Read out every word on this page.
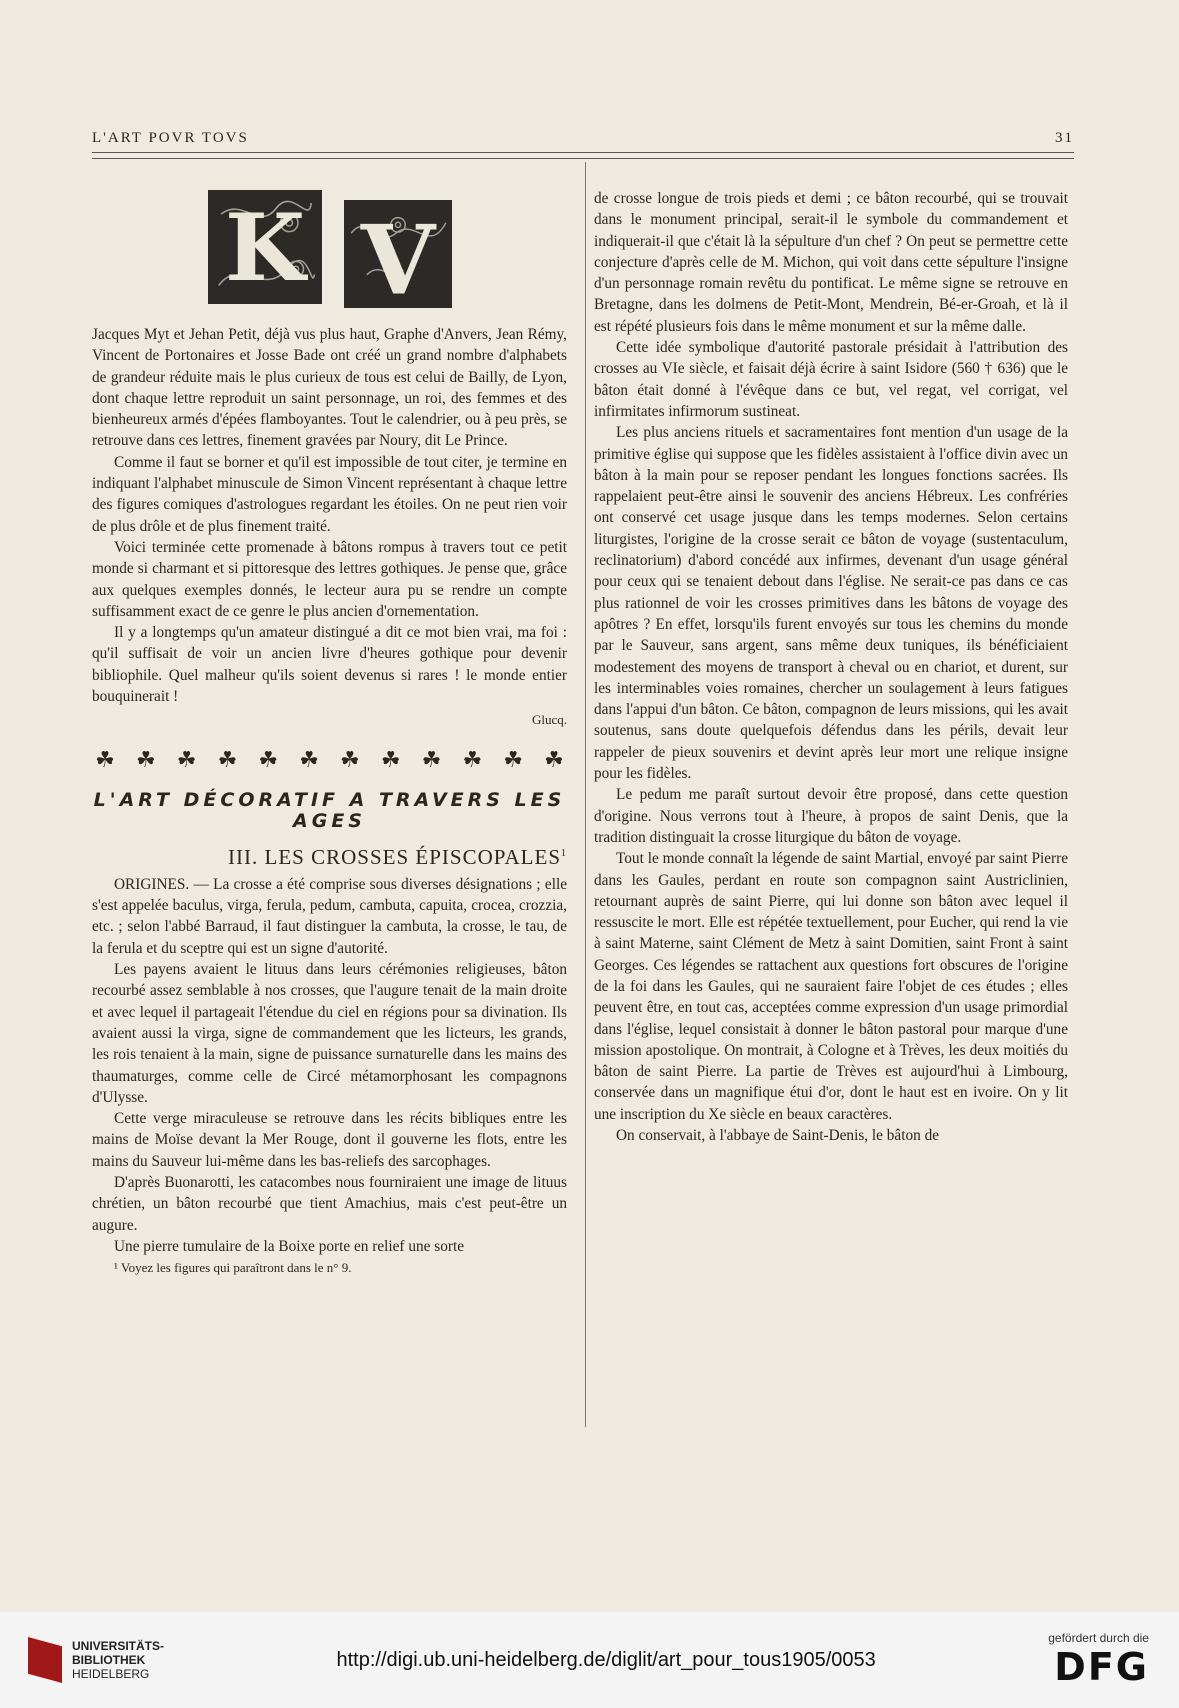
L'ART POVR TOVS	31
K V

Jacques Myt et Jehan Petit, déjà vus plus haut, Graphe d'Anvers, Jean Rémy, Vincent de Portonaires et Josse Bade ont créé un grand nombre d'alphabets de grandeur réduite mais le plus curieux de tous est celui de Bailly, de Lyon, dont chaque lettre reproduit un saint personnage, un roi, des femmes et des bienheureux armés d'épées flamboyantes. Tout le calendrier, ou à peu près, se retrouve dans ces lettres, finement gravées par Noury, dit Le Prince.

Comme il faut se borner et qu'il est impossible de tout citer, je termine en indiquant l'alphabet minuscule de Simon Vincent représentant à chaque lettre des figures comiques d'astrologues regardant les étoiles. On ne peut rien voir de plus drôle et de plus finement traité.

Voici terminée cette promenade à bâtons rompus à travers tout ce petit monde si charmant et si pittoresque des lettres gothiques. Je pense que, grâce aux quelques exemples donnés, le lecteur aura pu se rendre un compte suffisamment exact de ce genre le plus ancien d'ornementation.

Il y a longtemps qu'un amateur distingué a dit ce mot bien vrai, ma foi : qu'il suffisait de voir un ancien livre d'heures gothique pour devenir bibliophile. Quel malheur qu'ils soient devenus si rares ! le monde entier bouquinerait !

Glucq.
☘ ☘ ☘ ☘ ☘ ☘ ☘ ☘ ☘ ☘ ☘ ☘
L'ART DÉCORATIF A TRAVERS LES AGES
III. LES CROSSES ÉPISCOPALES$^1$

ORIGINES. — La crosse a été comprise sous diverses désignations ; elle s'est appelée baculus, virga, ferula, pedum, cambuta, capuita, crocea, crozzia, etc. ; selon l'abbé Barraud, il faut distinguer la cambuta, la crosse, le tau, de la ferula et du sceptre qui est un signe d'autorité.

Les payens avaient le lituus dans leurs cérémonies religieuses, bâton recourbé assez semblable à nos crosses, que l'augure tenait de la main droite et avec lequel il partageait l'étendue du ciel en régions pour sa divination. Ils avaient aussi la virga, signe de commandement que les licteurs, les grands, les rois tenaient à la main, signe de puissance surnaturelle dans les mains des thaumaturges, comme celle de Circé métamorphosant les compagnons d'Ulysse.

Cette verge miraculeuse se retrouve dans les récits bibliques entre les mains de Moïse devant la Mer Rouge, dont il gouverne les flots, entre les mains du Sauveur lui-même dans les bas-reliefs des sarcophages.

D'après Buonarotti, les catacombes nous fourniraient une image de lituus chrétien, un bâton recourbé que tient Amachius, mais c'est peut-être un augure.

Une pierre tumulaire de la Boixe porte en relief une sorte

¹ Voyez les figures qui paraîtront dans le n° 9.

de crosse longue de trois pieds et demi ; ce bâton recourbé, qui se trouvait dans le monument principal, serait-il le symbole du commandement et indiquerait-il que c'était là la sépulture d'un chef ? On peut se permettre cette conjecture d'après celle de M. Michon, qui voit dans cette sépulture l'insigne d'un personnage romain revêtu du pontificat. Le même signe se retrouve en Bretagne, dans les dolmens de Petit-Mont, Mendrein, Bé-er-Groah, et là il est répété plusieurs fois dans le même monument et sur la même dalle.

Cette idée symbolique d'autorité pastorale présidait à l'attribution des crosses au VIe siècle, et faisait déjà écrire à saint Isidore (560 † 636) que le bâton était donné à l'évêque dans ce but, vel regat, vel corrigat, vel infirmitates infirmorum sustineat.

Les plus anciens rituels et sacramentaires font mention d'un usage de la primitive église qui suppose que les fidèles assistaient à l'office divin avec un bâton à la main pour se reposer pendant les longues fonctions sacrées. Ils rappelaient peut-être ainsi le souvenir des anciens Hébreux. Les confréries ont conservé cet usage jusque dans les temps modernes. Selon certains liturgistes, l'origine de la crosse serait ce bâton de voyage (sustentaculum, reclinatorium) d'abord concédé aux infirmes, devenant d'un usage général pour ceux qui se tenaient debout dans l'église. Ne serait-ce pas dans ce cas plus rationnel de voir les crosses primitives dans les bâtons de voyage des apôtres ? En effet, lorsqu'ils furent envoyés sur tous les chemins du monde par le Sauveur, sans argent, sans même deux tuniques, ils bénéficiaient modestement des moyens de transport à cheval ou en chariot, et durent, sur les interminables voies romaines, chercher un soulagement à leurs fatigues dans l'appui d'un bâton. Ce bâton, compagnon de leurs missions, qui les avait soutenus, sans doute quelquefois défendus dans les périls, devait leur rappeler de pieux souvenirs et devint après leur mort une relique insigne pour les fidèles.

Le pedum me paraît surtout devoir être proposé, dans cette question d'origine. Nous verrons tout à l'heure, à propos de saint Denis, que la tradition distinguait la crosse liturgique du bâton de voyage.

Tout le monde connaît la légende de saint Martial, envoyé par saint Pierre dans les Gaules, perdant en route son compagnon saint Austriclinien, retournant auprès de saint Pierre, qui lui donne son bâton avec lequel il ressuscite le mort. Elle est répétée textuellement, pour Eucher, qui rend la vie à saint Materne, saint Clément de Metz à saint Domitien, saint Front à saint Georges. Ces légendes se rattachent aux questions fort obscures de l'origine de la foi dans les Gaules, qui ne sauraient faire l'objet de ces études ; elles peuvent être, en tout cas, acceptées comme expression d'un usage primordial dans l'église, lequel consistait à donner le bâton pastoral pour marque d'une mission apostolique. On montrait, à Cologne et à Trèves, les deux moitiés du bâton de saint Pierre. La partie de Trèves est aujourd'hui à Limbourg, conservée dans un magnifique étui d'or, dont le haut est en ivoire. On y lit une inscription du Xe siècle en beaux caractères.

On conservait, à l'abbaye de Saint-Denis, le bâton de

UNIVERSITÄTS-
BIBLIOTHEK
HEIDELBERG
http://digi.ub.uni-heidelberg.de/diglit/art_pour_tous1905/0053
gefördert durch die
DFG
